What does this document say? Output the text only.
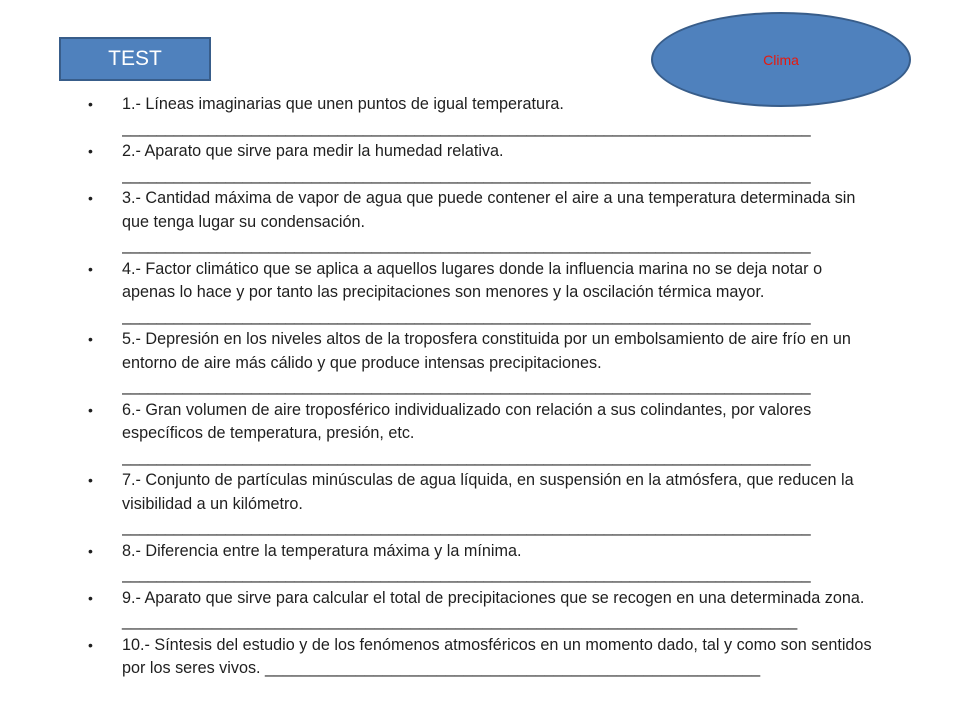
TEST	Clima
• 1.- Líneas imaginarias que unen puntos de igual temperatura.
________________________________________________________________________________
• 2.- Aparato que sirve para medir la humedad relativa.
________________________________________________________________________________
• 3.- Cantidad máxima de vapor de agua que puede contener el aire a una temperatura determinada sin que tenga lugar su condensación.
________________________________________________________________________________
• 4.- Factor climático que se aplica a aquellos lugares donde la influencia marina no se deja notar o apenas lo hace y por tanto las precipitaciones son menores y la oscilación térmica mayor.
________________________________________________________________________________
• 5.- Depresión en los niveles altos de la troposfera constituida por un embolsamiento de aire frío en un entorno de aire más cálido y que produce intensas precipitaciones.
________________________________________________________________________________
• 6.- Gran volumen de aire troposférico individualizado con relación a sus colindantes, por valores específicos de temperatura, presión, etc.
________________________________________________________________________________
• 7.- Conjunto de partículas minúsculas de agua líquida, en suspensión en la atmósfera, que reducen la visibilidad a un kilómetro.
________________________________________________________________________________
• 8.- Diferencia entre la temperatura máxima y la mínima.
________________________________________________________________________________
• 9.- Aparato que sirve para calcular el total de precipitaciones que se recogen en una determinada zona. ___________________________________________________________________________
• 10.- Síntesis del estudio y de los fenómenos atmosféricos en un momento dado, tal y como son sentidos por los seres vivos. _______________________________________________________
